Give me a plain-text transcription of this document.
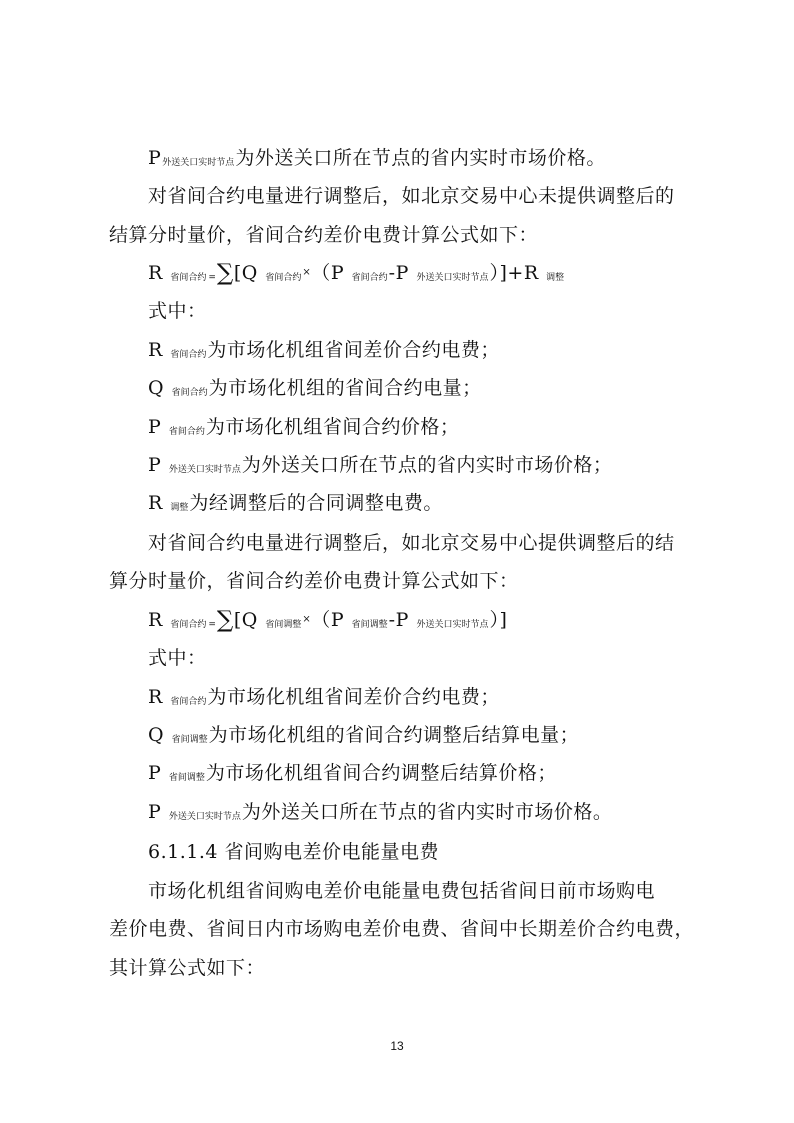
P外送关口实时节点为外送关口所在节点的省内实时市场价格。
对省间合约电量进行调整后，如北京交易中心未提供调整后的
结算分时量价，省间合约差价电费计算公式如下：
R 省间合约 =∑[Q 省间合约×（P 省间合约-P 外送关口实时节点）]+R 调整
式中：
R 省间合约为市场化机组省间差价合约电费；
Q 省间合约为市场化机组的省间合约电量；
P 省间合约为市场化机组省间合约价格；
P 外送关口实时节点为外送关口所在节点的省内实时市场价格；
R 调整为经调整后的合同调整电费。
对省间合约电量进行调整后，如北京交易中心提供调整后的结
算分时量价，省间合约差价电费计算公式如下：
R 省间合约 =∑[Q 省间调整×（P 省间调整-P 外送关口实时节点）]
式中：
R 省间合约为市场化机组省间差价合约电费；
Q 省间调整为市场化机组的省间合约调整后结算电量；
P 省间调整为市场化机组省间合约调整后结算价格；
P 外送关口实时节点为外送关口所在节点的省内实时市场价格。
6.1.1.4 省间购电差价电能量电费
市场化机组省间购电差价电能量电费包括省间日前市场购电
差价电费、省间日内市场购电差价电费、省间中长期差价合约电费，
其计算公式如下：
13
